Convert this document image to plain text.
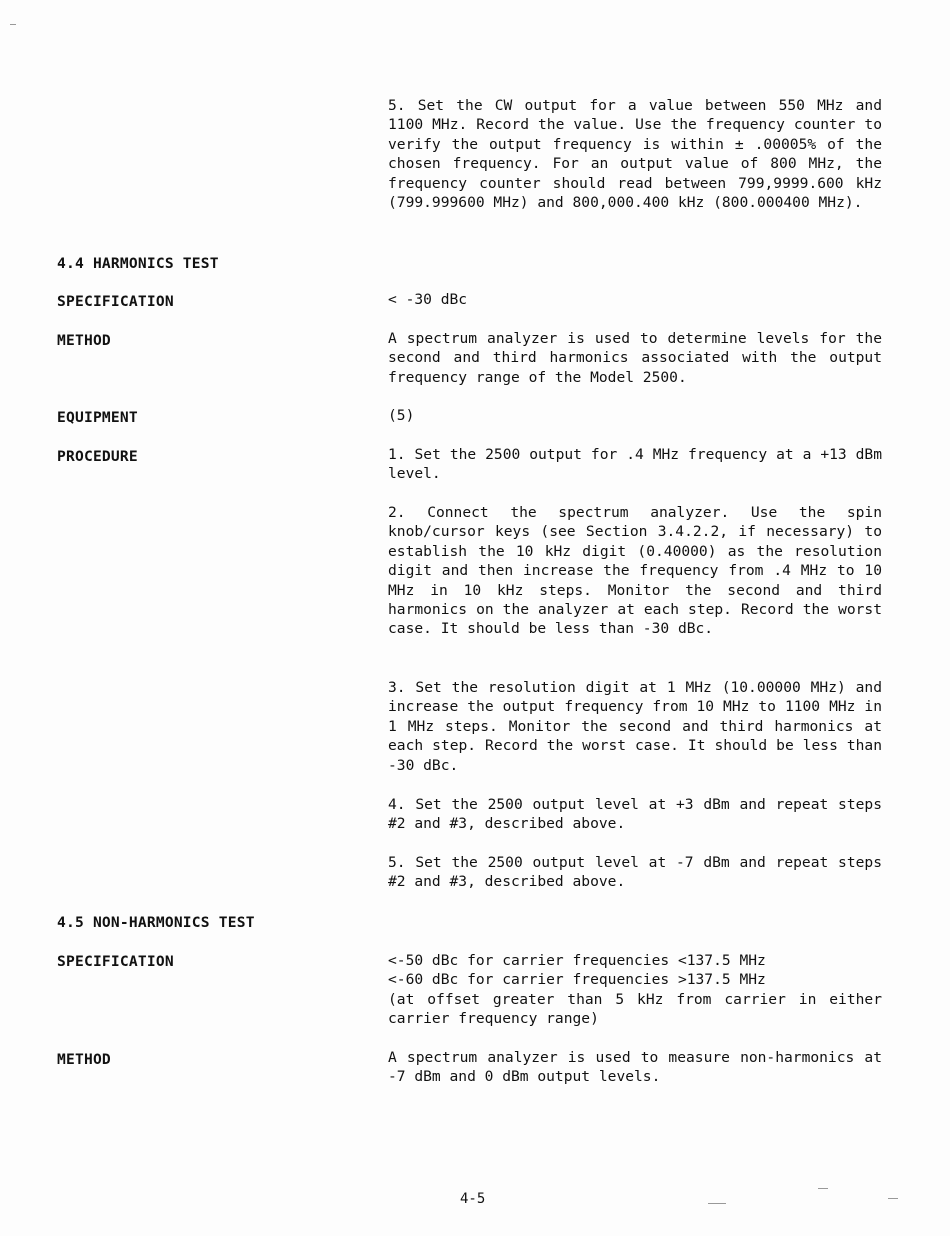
5. Set the CW output for a value between 550 MHz and 1100 MHz. Record the value. Use the frequency counter to verify the output frequency is within ± .00005% of the chosen frequency. For an output value of 800 MHz, the frequency counter should read between 799,9999.600 kHz (799.999600 MHz) and 800,000.400 kHz (800.000400 MHz).

4.4 HARMONICS TEST
SPECIFICATION	< -30 dBc

METHOD	A spectrum analyzer is used to determine levels for the second and third harmonics associated with the output frequency range of the Model 2500.

EQUIPMENT	(5)

PROCEDURE	1. Set the 2500 output for .4 MHz frequency at a +13 dBm level.

2. Connect the spectrum analyzer. Use the spin knob/cursor keys (see Section 3.4.2.2, if necessary) to establish the 10 kHz digit (0.40000) as the resolution digit and then increase the frequency from .4 MHz to 10 MHz in 10 kHz steps. Monitor the second and third harmonics on the analyzer at each step. Record the worst case. It should be less than -30 dBc.

3. Set the resolution digit at 1 MHz (10.00000 MHz) and increase the output frequency from 10 MHz to 1100 MHz in 1 MHz steps. Monitor the second and third harmonics at each step. Record the worst case. It should be less than -30 dBc.

4. Set the 2500 output level at +3 dBm and repeat steps #2 and #3, described above.

5. Set the 2500 output level at -7 dBm and repeat steps #2 and #3, described above.

4.5 NON-HARMONICS TEST
SPECIFICATION	<-50 dBc for carrier frequencies <137.5 MHz
<-60 dBc for carrier frequencies >137.5 MHz
(at offset greater than 5 kHz from carrier in either carrier frequency range)
METHOD	A spectrum analyzer is used to measure non-harmonics at -7 dBm and 0 dBm output levels.

4-5
